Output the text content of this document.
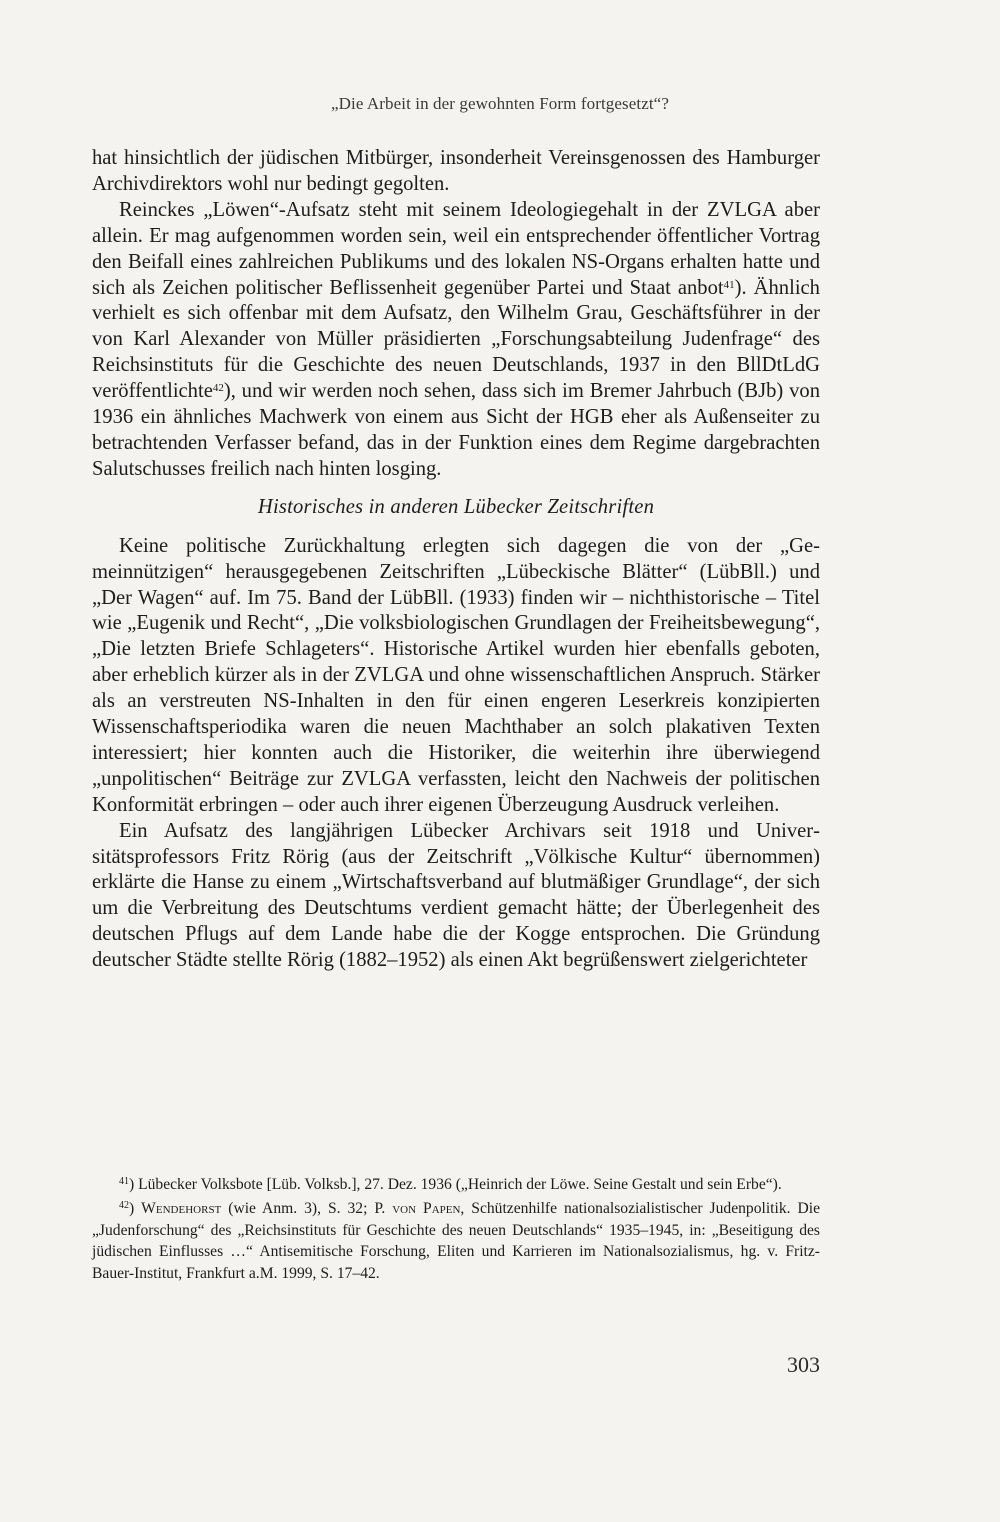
„Die Arbeit in der gewohnten Form fortgesetzt“?

hat hinsichtlich der jüdischen Mitbürger, insonderheit Vereinsgenossen des Hamburger Archivdirektors wohl nur bedingt gegolten.

Reinckes „Löwen“-Aufsatz steht mit seinem Ideologiegehalt in der ZVLGA aber allein. Er mag aufgenommen worden sein, weil ein entsprechender öffentlicher Vortrag den Beifall eines zahlreichen Publikums und des lokalen NS-Organs erhalten hatte und sich als Zeichen politischer Beflissenheit gegenüber Partei und Staat anbot$^{41}$). Ähnlich verhielt es sich offenbar mit dem Aufsatz, den Wilhelm Grau, Geschäftsführer in der von Karl Alexander von Müller präsidierten „Forschungsabteilung Judenfrage“ des Reichsinstituts für die Geschichte des neuen Deutschlands, 1937 in den BllDtLdG veröffentlichte$^{42}$), und wir werden noch sehen, dass sich im Bremer Jahrbuch (BJb) von 1936 ein ähnliches Machwerk von einem aus Sicht der HGB eher als Außenseiter zu betrachtenden Verfasser befand, das in der Funktion eines dem Regime dargebrachten Salutschusses freilich nach hinten losging.

Historisches in anderen Lübecker Zeitschriften

Keine politische Zurückhaltung erlegten sich dagegen die von der „Gemeinnützigen“ herausgegebenen Zeitschriften „Lübeckische Blätter“ (LübBll.) und „Der Wagen“ auf. Im 75. Band der LübBll. (1933) finden wir – nichthistorische – Titel wie „Eugenik und Recht“, „Die volksbiologischen Grundlagen der Freiheitsbewegung“, „Die letzten Briefe Schlageters“. Historische Artikel wurden hier ebenfalls geboten, aber erheblich kürzer als in der ZVLGA und ohne wissenschaftlichen Anspruch. Stärker als an verstreuten NS-Inhalten in den für einen engeren Leserkreis konzipierten Wissenschaftsperiodika waren die neuen Machthaber an solch plakativen Texten interessiert; hier konnten auch die Historiker, die weiterhin ihre überwiegend „unpolitischen“ Beiträge zur ZVLGA verfassten, leicht den Nachweis der politischen Konformität erbringen – oder auch ihrer eigenen Überzeugung Ausdruck verleihen.

Ein Aufsatz des langjährigen Lübecker Archivars seit 1918 und Universitätsprofessors Fritz Rörig (aus der Zeitschrift „Völkische Kultur“ übernommen) erklärte die Hanse zu einem „Wirtschaftsverband auf blutmäßiger Grundlage“, der sich um die Verbreitung des Deutschtums verdient gemacht hätte; der Überlegenheit des deutschen Pflugs auf dem Lande habe die der Kogge entsprochen. Die Gründung deutscher Städte stellte Rörig (1882–1952) als einen Akt begrüßenswert zielgerichteter

$^{41}$) Lübecker Volksbote [Lüb. Volksb.], 27. Dez. 1936 („Heinrich der Löwe. Seine Gestalt und sein Erbe“).

$^{42}$) Wendehorst (wie Anm. 3), S. 32; P. von Papen, Schützenhilfe nationalsozialistischer Judenpolitik. Die „Judenforschung“ des „Reichsinstituts für Geschichte des neuen Deutschlands“ 1935–1945, in: „Beseitigung des jüdischen Einflusses …“ Antisemitische Forschung, Eliten und Karrieren im Nationalsozialismus, hg. v. Fritz-Bauer-Institut, Frankfurt a.M. 1999, S. 17–42.

303
